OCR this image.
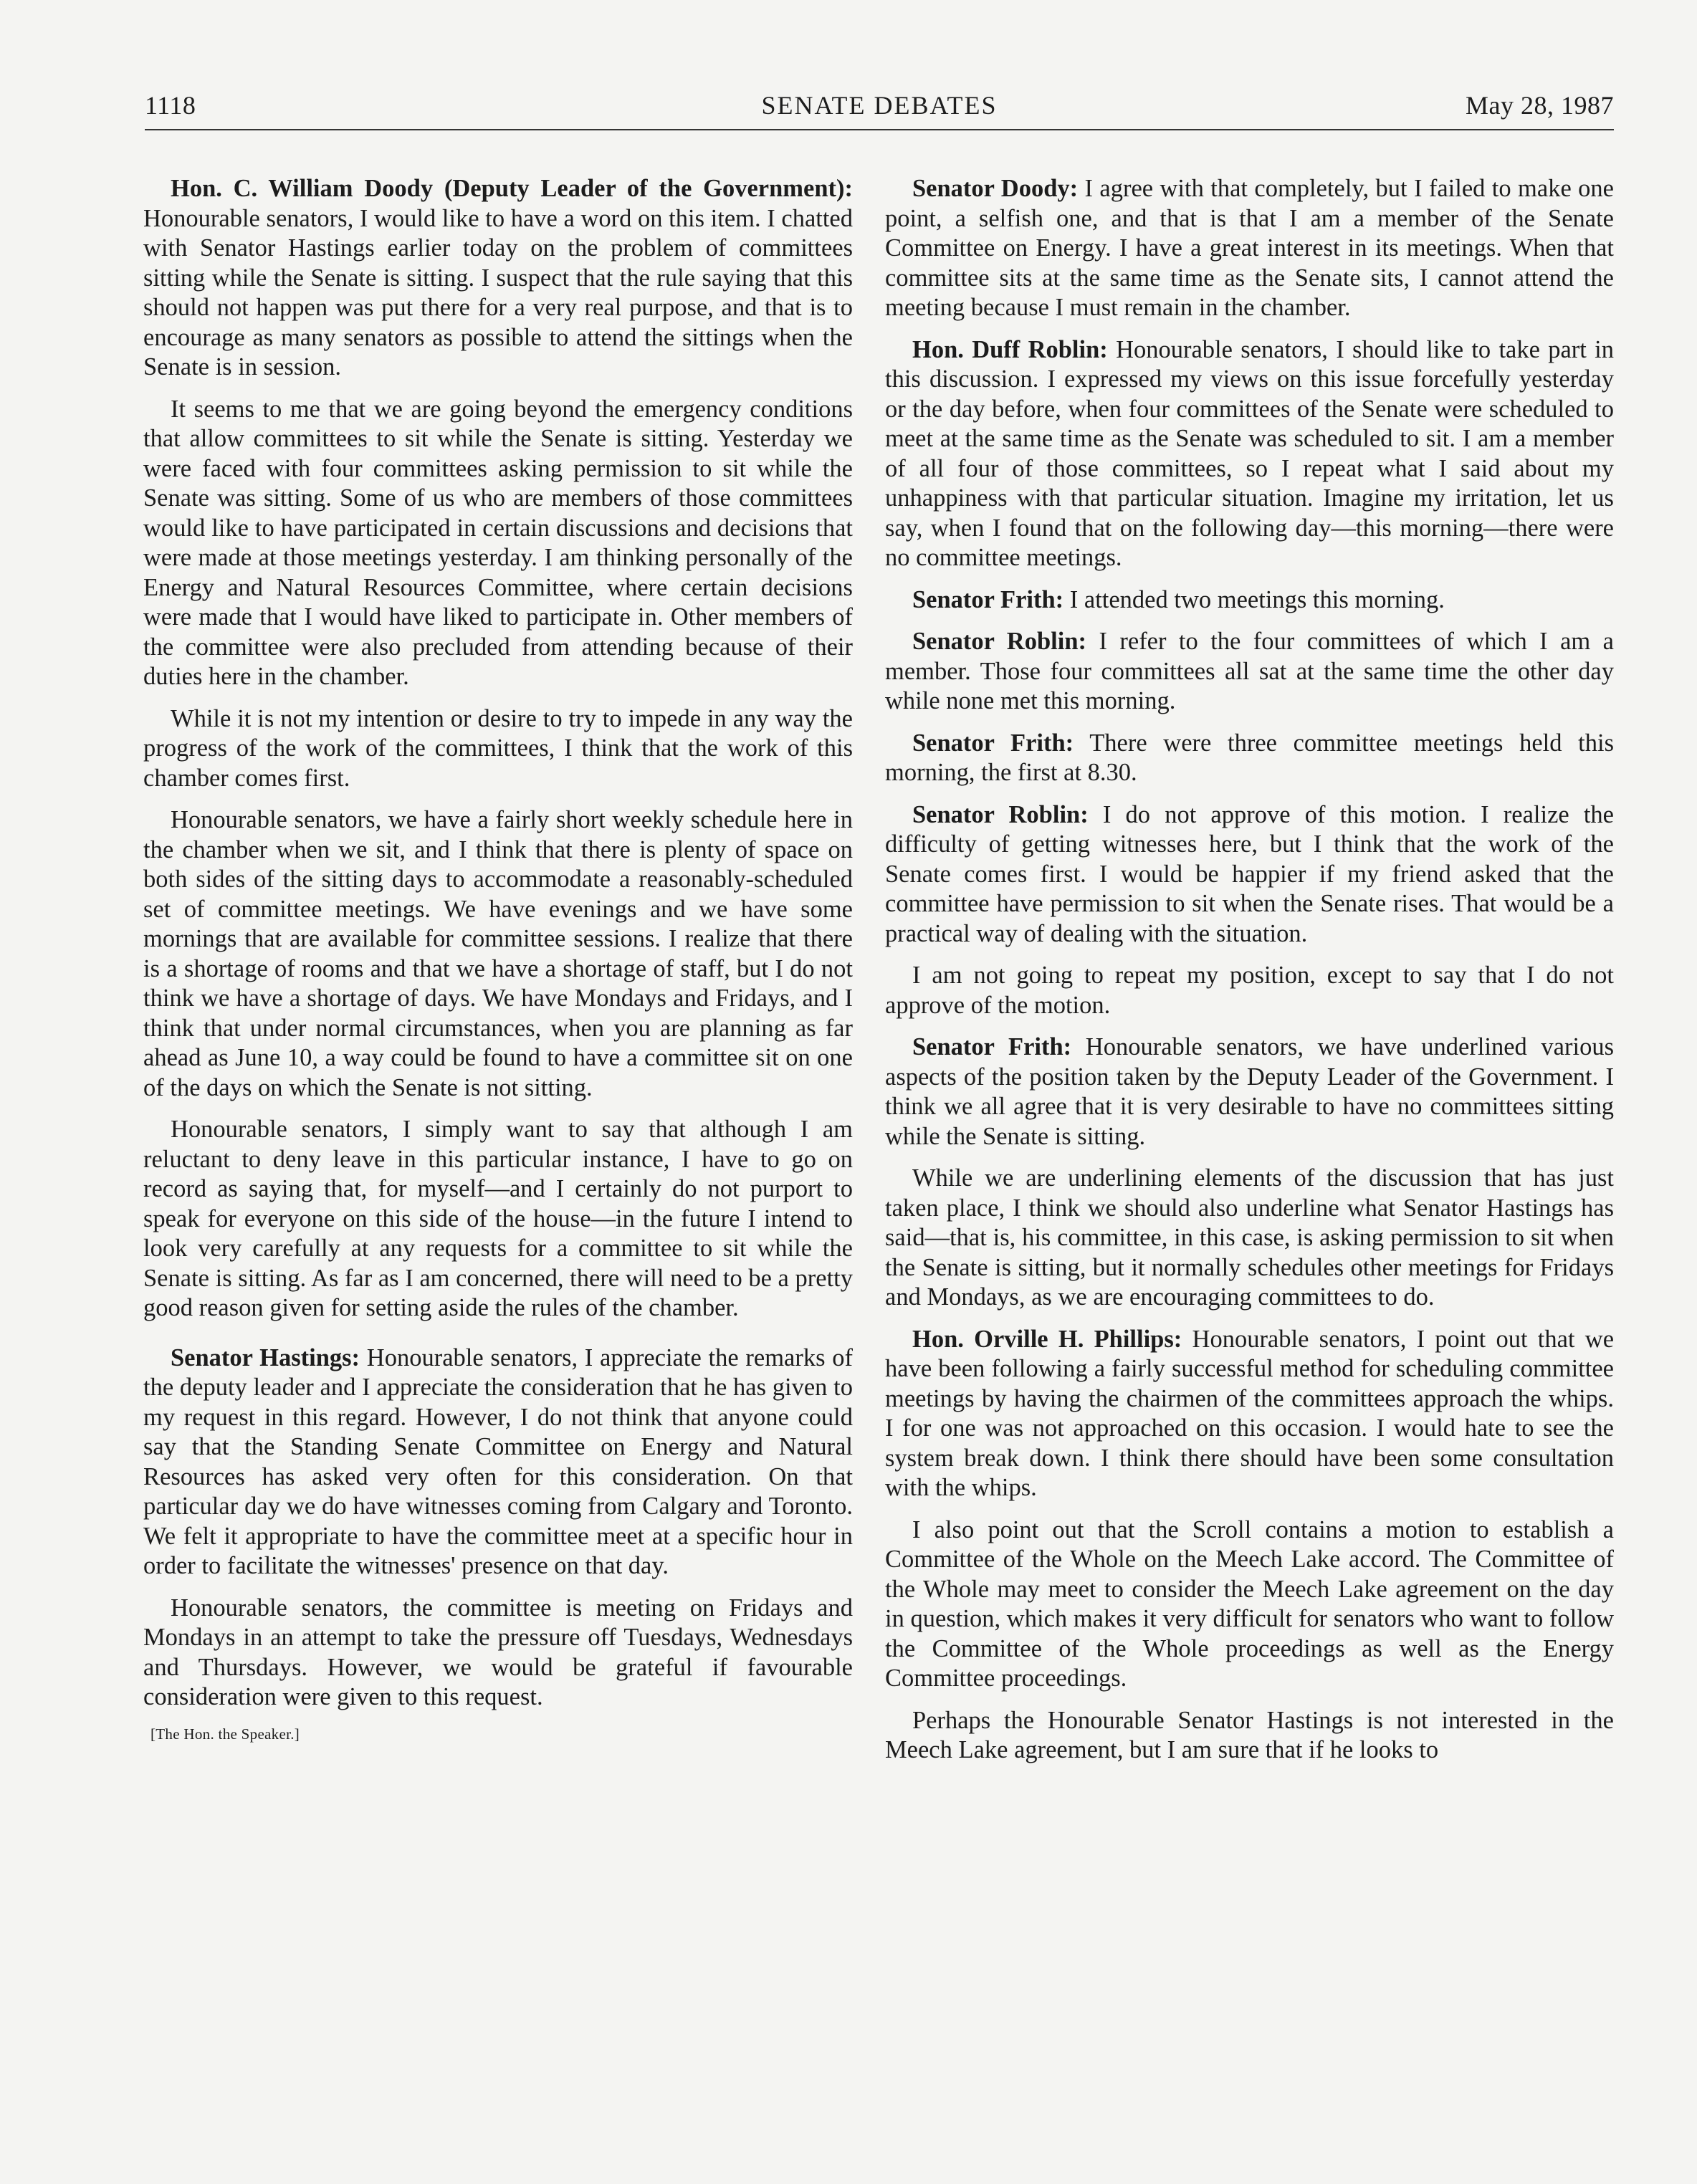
1118	SENATE DEBATES	May 28, 1987

Hon. C. William Doody (Deputy Leader of the Government): Honourable senators, I would like to have a word on this item. I chatted with Senator Hastings earlier today on the problem of committees sitting while the Senate is sitting. I suspect that the rule saying that this should not happen was put there for a very real purpose, and that is to encourage as many senators as possible to attend the sittings when the Senate is in session.

It seems to me that we are going beyond the emergency conditions that allow committees to sit while the Senate is sitting. Yesterday we were faced with four committees asking permission to sit while the Senate was sitting. Some of us who are members of those committees would like to have participated in certain discussions and decisions that were made at those meetings yesterday. I am thinking personally of the Energy and Natural Resources Committee, where certain decisions were made that I would have liked to participate in. Other members of the committee were also precluded from attending because of their duties here in the chamber.

While it is not my intention or desire to try to impede in any way the progress of the work of the committees, I think that the work of this chamber comes first.

Honourable senators, we have a fairly short weekly schedule here in the chamber when we sit, and I think that there is plenty of space on both sides of the sitting days to accommodate a reasonably-scheduled set of committee meetings. We have evenings and we have some mornings that are available for committee sessions. I realize that there is a shortage of rooms and that we have a shortage of staff, but I do not think we have a shortage of days. We have Mondays and Fridays, and I think that under normal circumstances, when you are planning as far ahead as June 10, a way could be found to have a committee sit on one of the days on which the Senate is not sitting.

Honourable senators, I simply want to say that although I am reluctant to deny leave in this particular instance, I have to go on record as saying that, for myself—and I certainly do not purport to speak for everyone on this side of the house—in the future I intend to look very carefully at any requests for a committee to sit while the Senate is sitting. As far as I am concerned, there will need to be a pretty good reason given for setting aside the rules of the chamber.

Senator Hastings: Honourable senators, I appreciate the remarks of the deputy leader and I appreciate the consideration that he has given to my request in this regard. However, I do not think that anyone could say that the Standing Senate Committee on Energy and Natural Resources has asked very often for this consideration. On that particular day we do have witnesses coming from Calgary and Toronto. We felt it appropriate to have the committee meet at a specific hour in order to facilitate the witnesses' presence on that day.

Honourable senators, the committee is meeting on Fridays and Mondays in an attempt to take the pressure off Tuesdays, Wednesdays and Thursdays. However, we would be grateful if favourable consideration were given to this request.

[The Hon. the Speaker.]

Senator Doody: I agree with that completely, but I failed to make one point, a selfish one, and that is that I am a member of the Senate Committee on Energy. I have a great interest in its meetings. When that committee sits at the same time as the Senate sits, I cannot attend the meeting because I must remain in the chamber.

Hon. Duff Roblin: Honourable senators, I should like to take part in this discussion. I expressed my views on this issue forcefully yesterday or the day before, when four committees of the Senate were scheduled to meet at the same time as the Senate was scheduled to sit. I am a member of all four of those committees, so I repeat what I said about my unhappiness with that particular situation. Imagine my irritation, let us say, when I found that on the following day—this morning—there were no committee meetings.

Senator Frith: I attended two meetings this morning.

Senator Roblin: I refer to the four committees of which I am a member. Those four committees all sat at the same time the other day while none met this morning.

Senator Frith: There were three committee meetings held this morning, the first at 8.30.

Senator Roblin: I do not approve of this motion. I realize the difficulty of getting witnesses here, but I think that the work of the Senate comes first. I would be happier if my friend asked that the committee have permission to sit when the Senate rises. That would be a practical way of dealing with the situation.

I am not going to repeat my position, except to say that I do not approve of the motion.

Senator Frith: Honourable senators, we have underlined various aspects of the position taken by the Deputy Leader of the Government. I think we all agree that it is very desirable to have no committees sitting while the Senate is sitting.

While we are underlining elements of the discussion that has just taken place, I think we should also underline what Senator Hastings has said—that is, his committee, in this case, is asking permission to sit when the Senate is sitting, but it normally schedules other meetings for Fridays and Mondays, as we are encouraging committees to do.

Hon. Orville H. Phillips: Honourable senators, I point out that we have been following a fairly successful method for scheduling committee meetings by having the chairmen of the committees approach the whips. I for one was not approached on this occasion. I would hate to see the system break down. I think there should have been some consultation with the whips.

I also point out that the Scroll contains a motion to establish a Committee of the Whole on the Meech Lake accord. The Committee of the Whole may meet to consider the Meech Lake agreement on the day in question, which makes it very difficult for senators who want to follow the Committee of the Whole proceedings as well as the Energy Committee proceedings.

Perhaps the Honourable Senator Hastings is not interested in the Meech Lake agreement, but I am sure that if he looks to
